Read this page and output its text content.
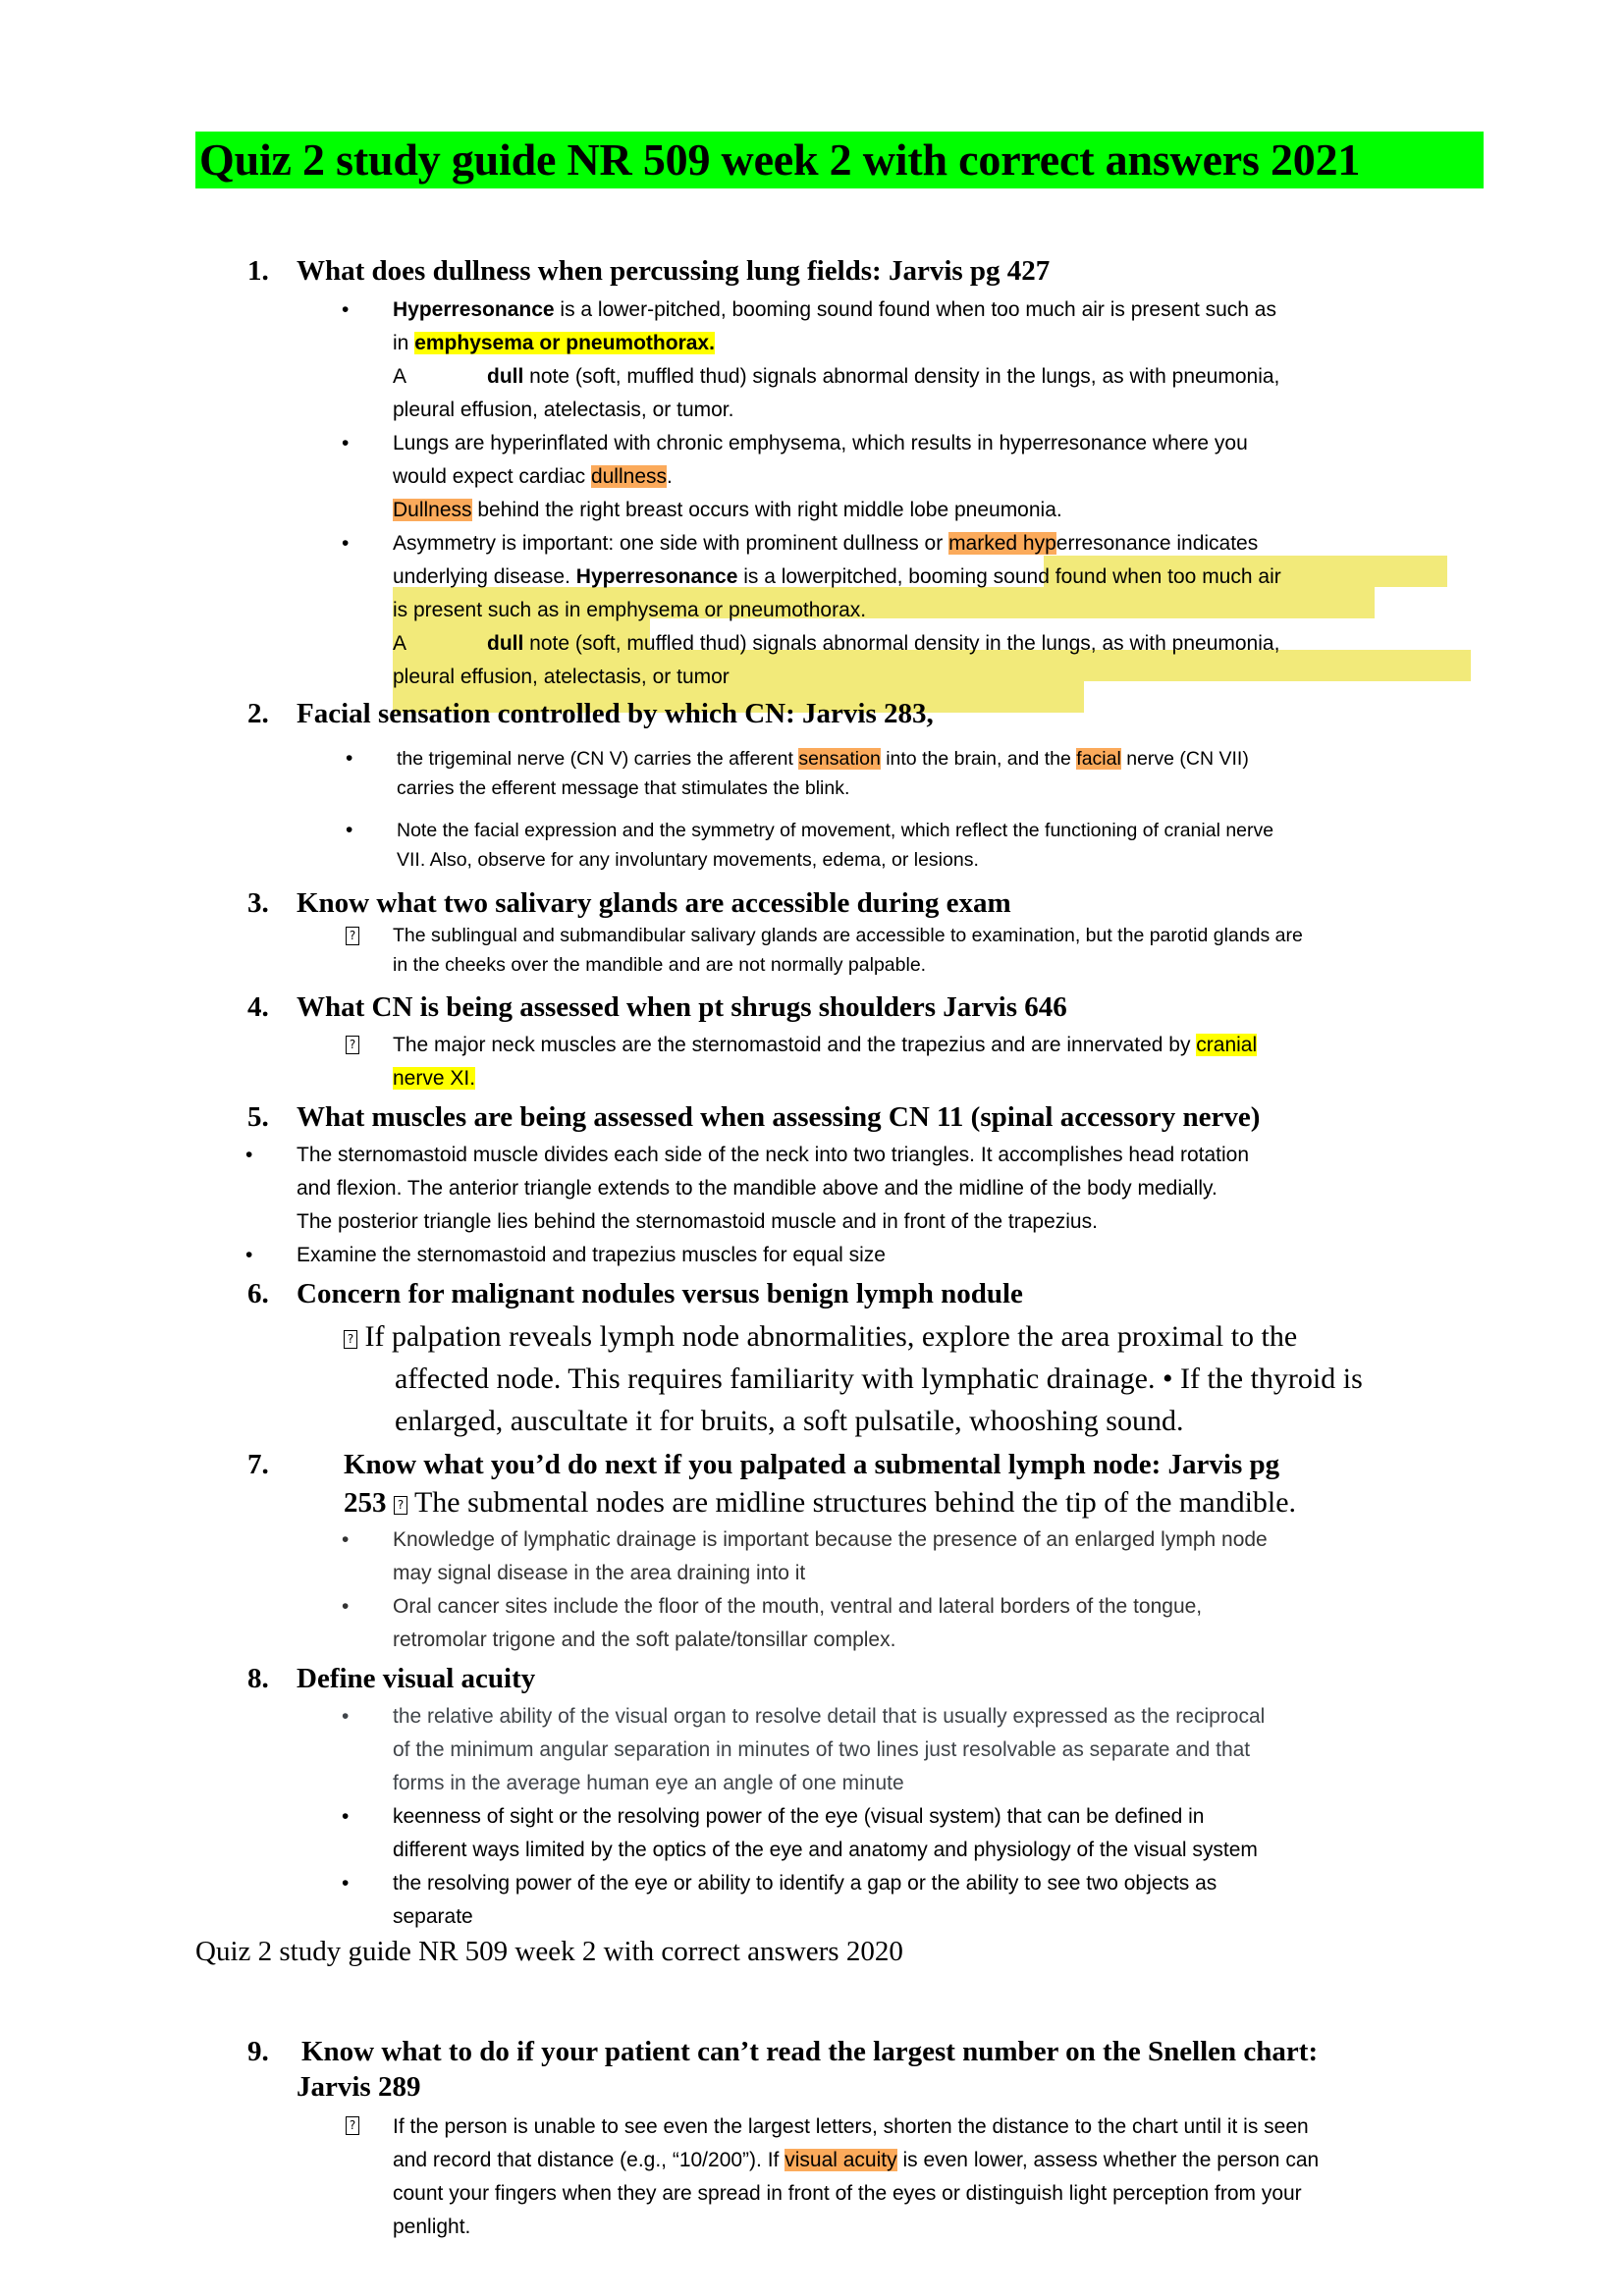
Quiz 2 study guide NR 509 week 2 with correct answers 2021
1. What does dullness when percussing lung fields: Jarvis pg 427
• Hyperresonance is a lower-pitched, booming sound found when too much air is present such as
in emphysema or pneumothorax.
A	dull note (soft, muffled thud) signals abnormal density in the lungs, as with pneumonia,
pleural effusion, atelectasis, or tumor.
• Lungs are hyperinflated with chronic emphysema, which results in hyperresonance where you
would expect cardiac dullness.
Dullness behind the right breast occurs with right middle lobe pneumonia.
• Asymmetry is important: one side with prominent dullness or marked hyperresonance indicates
underlying disease. Hyperresonance is a lowerpitched, booming sound found when too much air
is present such as in emphysema or pneumothorax.
A	dull note (soft, muffled thud) signals abnormal density in the lungs, as with pneumonia,
pleural effusion, atelectasis, or tumor
2. Facial sensation controlled by which CN: Jarvis 283,
• the trigeminal nerve (CN V) carries the afferent sensation into the brain, and the facial nerve (CN VII)
carries the efferent message that stimulates the blink.
• Note the facial expression and the symmetry of movement, which reflect the functioning of cranial nerve
VII. Also, observe for any involuntary movements, edema, or lesions.
3. Know what two salivary glands are accessible during exam
? The sublingual and submandibular salivary glands are accessible to examination, but the parotid glands are
in the cheeks over the mandible and are not normally palpable.
4. What CN is being assessed when pt shrugs shoulders Jarvis 646
? The major neck muscles are the sternomastoid and the trapezius and are innervated by cranial
nerve XI.
5. What muscles are being assessed when assessing CN 11 (spinal accessory nerve)
• The sternomastoid muscle divides each side of the neck into two triangles. It accomplishes head rotation
and flexion. The anterior triangle extends to the mandible above and the midline of the body medially.
The posterior triangle lies behind the sternomastoid muscle and in front of the trapezius.
• Examine the sternomastoid and trapezius muscles for equal size
6. Concern for malignant nodules versus benign lymph nodule
? If palpation reveals lymph node abnormalities, explore the area proximal to the
affected node. This requires familiarity with lymphatic drainage. • If the thyroid is
enlarged, auscultate it for bruits, a soft pulsatile, whooshing sound.
7.	Know what you’d do next if you palpated a submental lymph node: Jarvis pg
253 ? The submental nodes are midline structures behind the tip of the mandible.
• Knowledge of lymphatic drainage is important because the presence of an enlarged lymph node
may signal disease in the area draining into it
• Oral cancer sites include the floor of the mouth, ventral and lateral borders of the tongue,
retromolar trigone and the soft palate/tonsillar complex.
8. Define visual acuity
• the relative ability of the visual organ to resolve detail that is usually expressed as the reciprocal
of the minimum angular separation in minutes of two lines just resolvable as separate and that
forms in the average human eye an angle of one minute
• keenness of sight or the resolving power of the eye (visual system) that can be defined in
different ways limited by the optics of the eye and anatomy and physiology of the visual system
• the resolving power of the eye or ability to identify a gap or the ability to see two objects as
separate
Quiz 2 study guide NR 509 week 2 with correct answers 2020
9. Know what to do if your patient can’t read the largest number on the Snellen chart:
Jarvis 289
? If the person is unable to see even the largest letters, shorten the distance to the chart until it is seen
and record that distance (e.g., “10/200”). If visual acuity is even lower, assess whether the person can
count your fingers when they are spread in front of the eyes or distinguish light perception from your
penlight.
